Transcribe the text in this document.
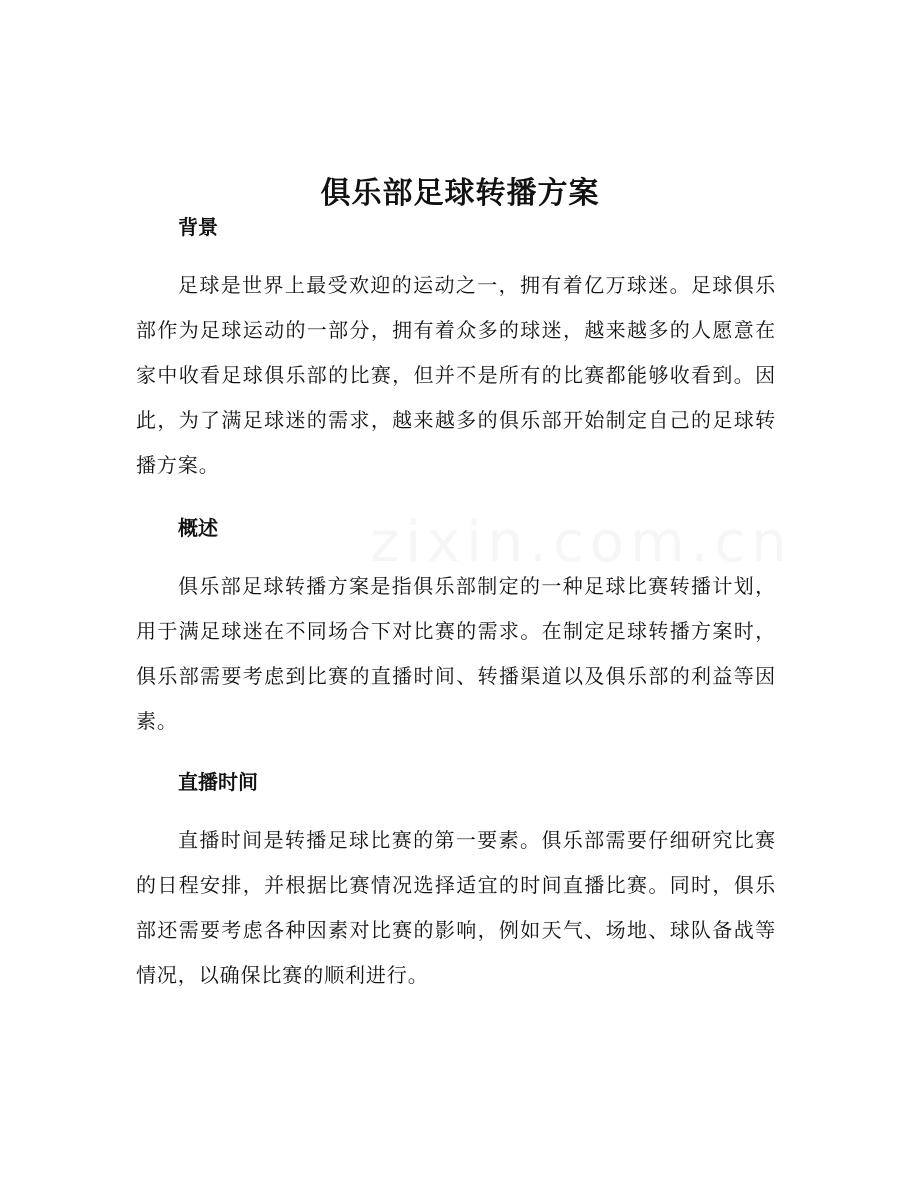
俱乐部足球转播方案
背景

足球是世界上最受欢迎的运动之一，拥有着亿万球迷。足球俱乐部作为足球运动的一部分，拥有着众多的球迷，越来越多的人愿意在家中收看足球俱乐部的比赛，但并不是所有的比赛都能够收看到。因此，为了满足球迷的需求，越来越多的俱乐部开始制定自己的足球转播方案。

概述

俱乐部足球转播方案是指俱乐部制定的一种足球比赛转播计划，用于满足球迷在不同场合下对比赛的需求。在制定足球转播方案时，俱乐部需要考虑到比赛的直播时间、转播渠道以及俱乐部的利益等因素。

直播时间

直播时间是转播足球比赛的第一要素。俱乐部需要仔细研究比赛的日程安排，并根据比赛情况选择适宜的时间直播比赛。同时，俱乐部还需要考虑各种因素对比赛的影响，例如天气、场地、球队备战等情况，以确保比赛的顺利进行。
